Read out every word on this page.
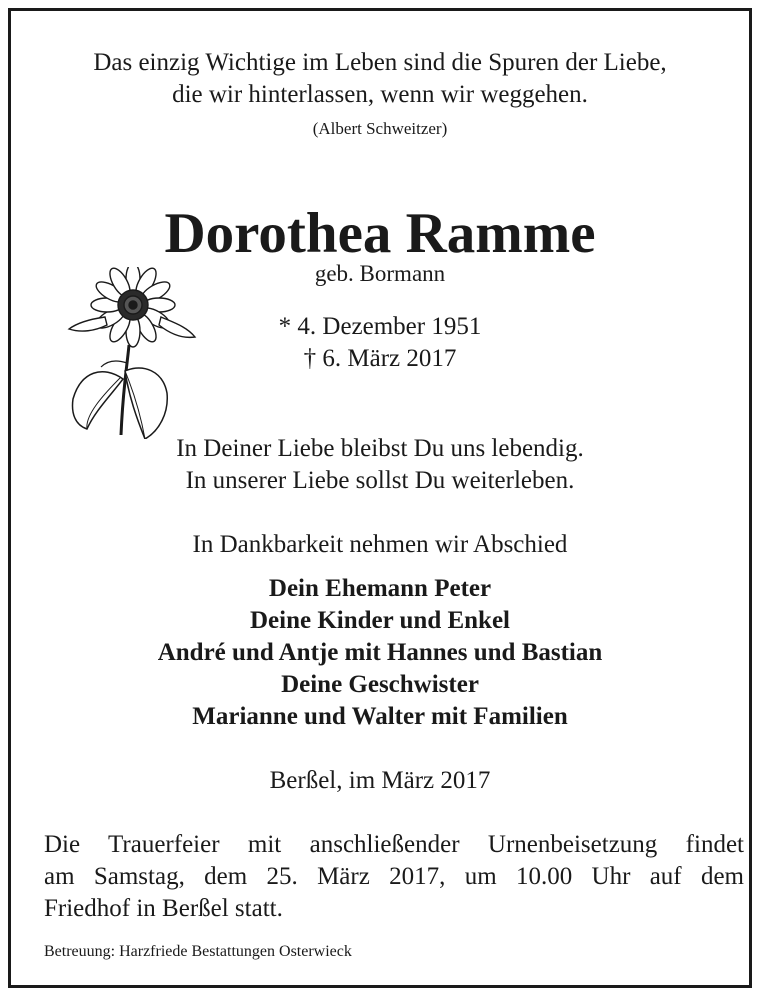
Das einzig Wichtige im Leben sind die Spuren der Liebe,
die wir hinterlassen, wenn wir weggehen.
(Albert Schweitzer)
Dorothea Ramme
geb. Bormann
* 4. Dezember 1951
† 6. März 2017
In Deiner Liebe bleibst Du uns lebendig.
In unserer Liebe sollst Du weiterleben.
In Dankbarkeit nehmen wir Abschied
Dein Ehemann Peter
Deine Kinder und Enkel
André und Antje mit Hannes und Bastian
Deine Geschwister
Marianne und Walter mit Familien
Berßel, im März 2017
Die Trauerfeier mit anschließender Urnenbeisetzung findet
am Samstag, dem 25. März 2017, um 10.00 Uhr auf dem
Friedhof in Berßel statt.
Betreuung: Harzfriede Bestattungen Osterwieck
